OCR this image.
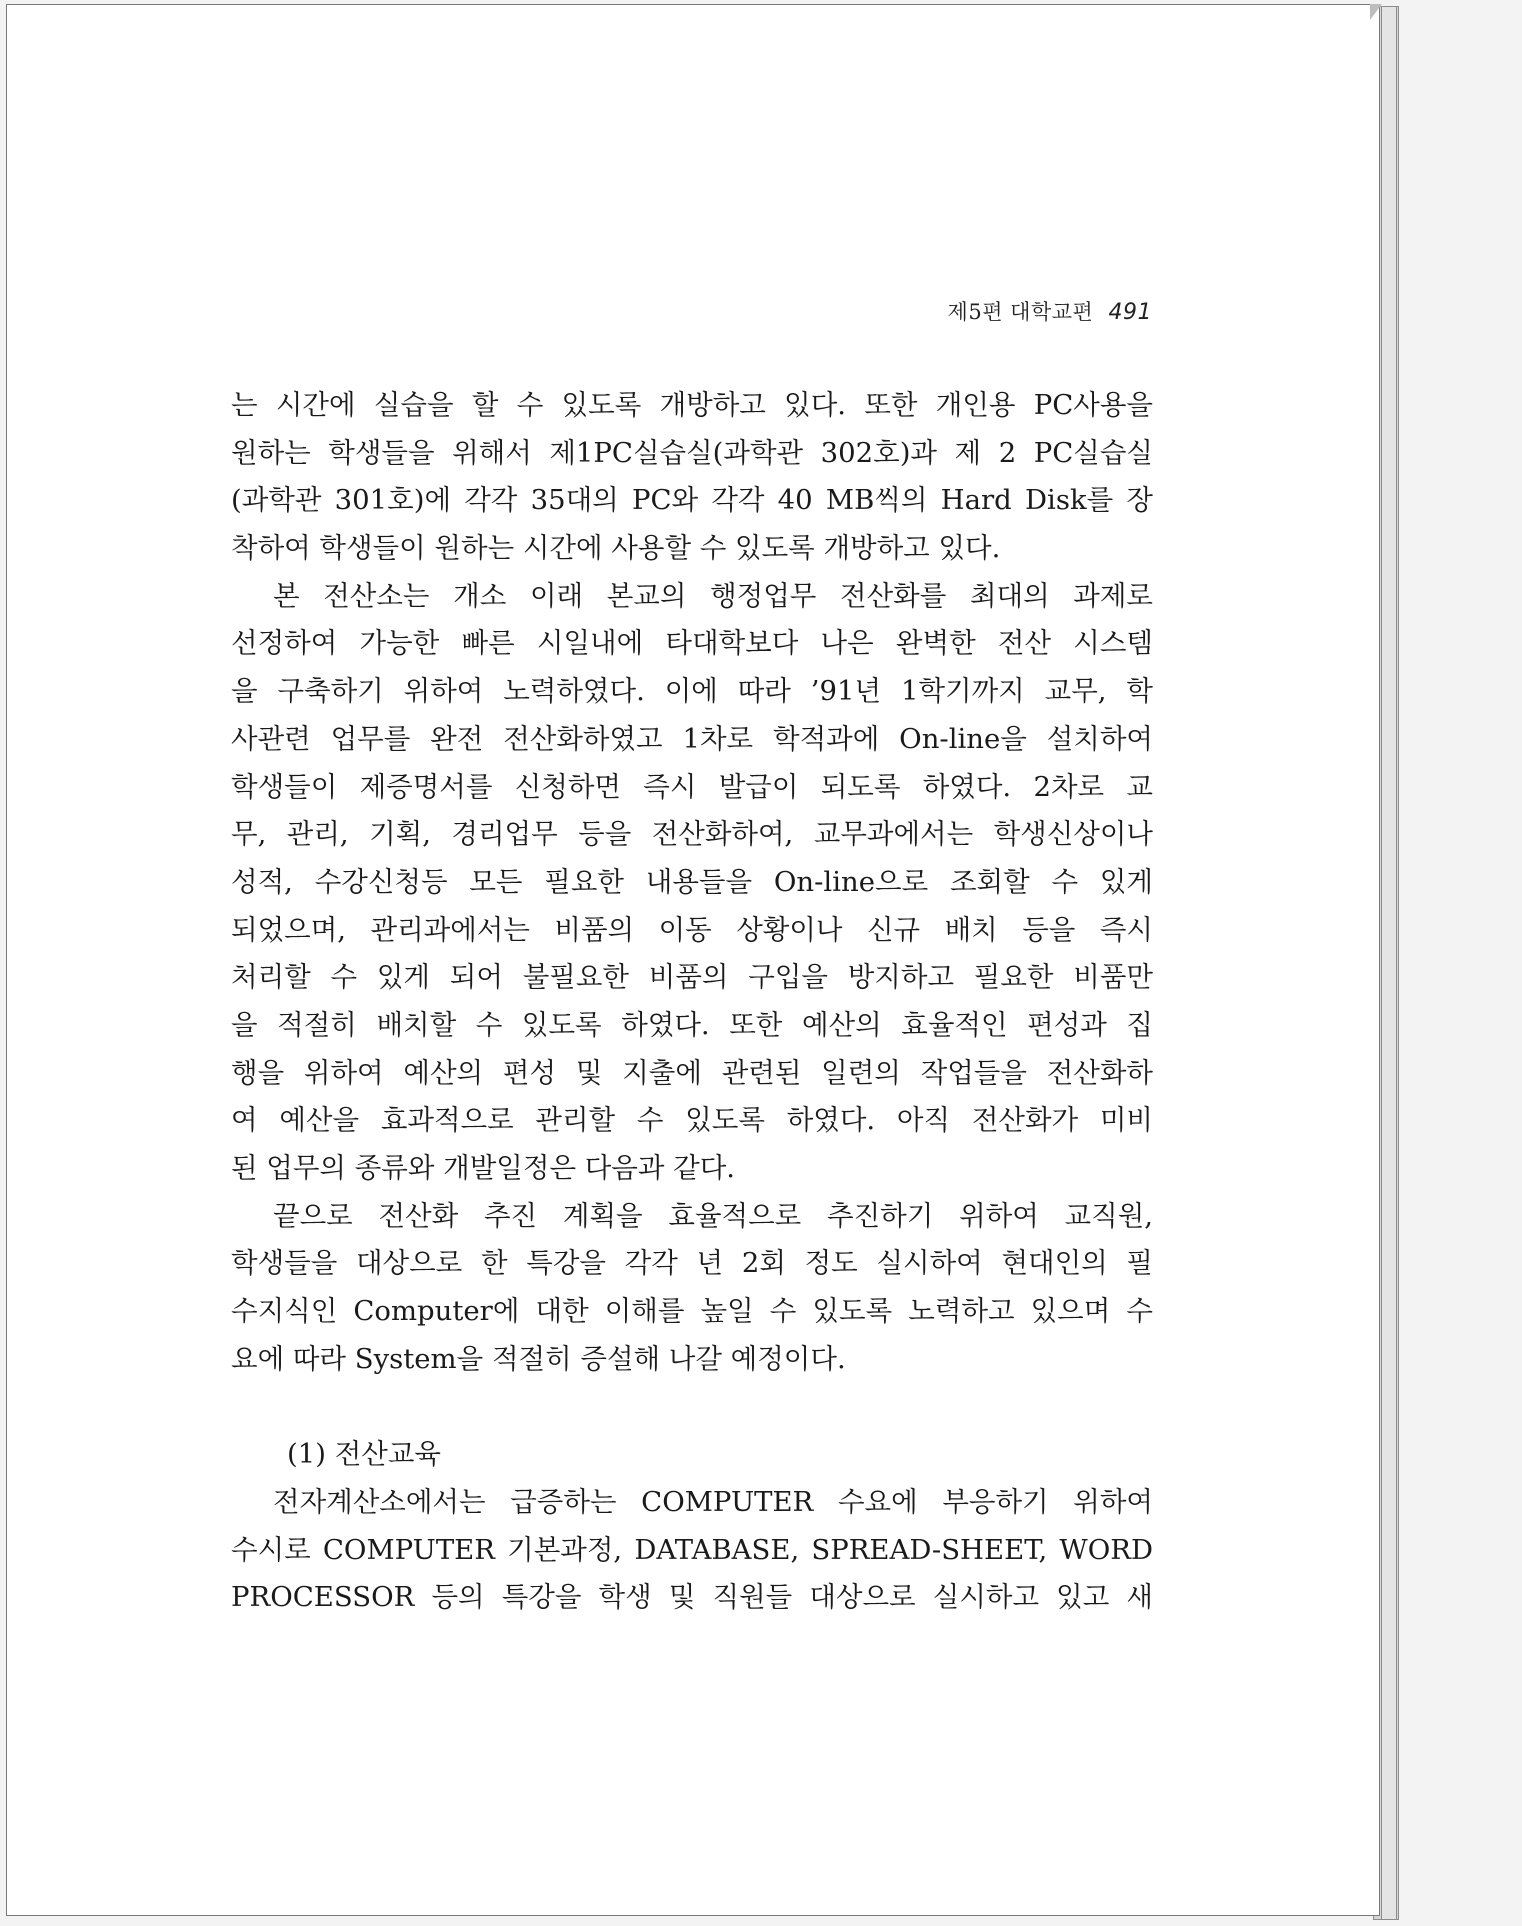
제5편 대학교편 491
는 시간에 실습을 할 수 있도록 개방하고 있다. 또한 개인용 PC사용을
원하는 학생들을 위해서 제1PC실습실(과학관 302호)과 제 2 PC실습실
(과학관 301호)에 각각 35대의 PC와 각각 40 MB씩의 Hard Disk를 장
착하여 학생들이 원하는 시간에 사용할 수 있도록 개방하고 있다.
본 전산소는 개소 이래 본교의 행정업무 전산화를 최대의 과제로
선정하여 가능한 빠른 시일내에 타대학보다 나은 완벽한 전산 시스템
을 구축하기 위하여 노력하였다. 이에 따라 ’91년 1학기까지 교무, 학
사관련 업무를 완전 전산화하였고 1차로 학적과에 On-line을 설치하여
학생들이 제증명서를 신청하면 즉시 발급이 되도록 하였다. 2차로 교
무, 관리, 기획, 경리업무 등을 전산화하여, 교무과에서는 학생신상이나
성적, 수강신청등 모든 필요한 내용들을 On-line으로 조회할 수 있게
되었으며, 관리과에서는 비품의 이동 상황이나 신규 배치 등을 즉시
처리할 수 있게 되어 불필요한 비품의 구입을 방지하고 필요한 비품만
을 적절히 배치할 수 있도록 하였다. 또한 예산의 효율적인 편성과 집
행을 위하여 예산의 편성 및 지출에 관련된 일련의 작업들을 전산화하
여 예산을 효과적으로 관리할 수 있도록 하였다. 아직 전산화가 미비
된 업무의 종류와 개발일정은 다음과 같다.
끝으로 전산화 추진 계획을 효율적으로 추진하기 위하여 교직원,
학생들을 대상으로 한 특강을 각각 년 2회 정도 실시하여 현대인의 필
수지식인 Computer에 대한 이해를 높일 수 있도록 노력하고 있으며 수
요에 따라 System을 적절히 증설해 나갈 예정이다.
(1) 전산교육
전자계산소에서는 급증하는 COMPUTER 수요에 부응하기 위하여
수시로 COMPUTER 기본과정, DATABASE, SPREAD-SHEET, WORD
PROCESSOR 등의 특강을 학생 및 직원들 대상으로 실시하고 있고 새
